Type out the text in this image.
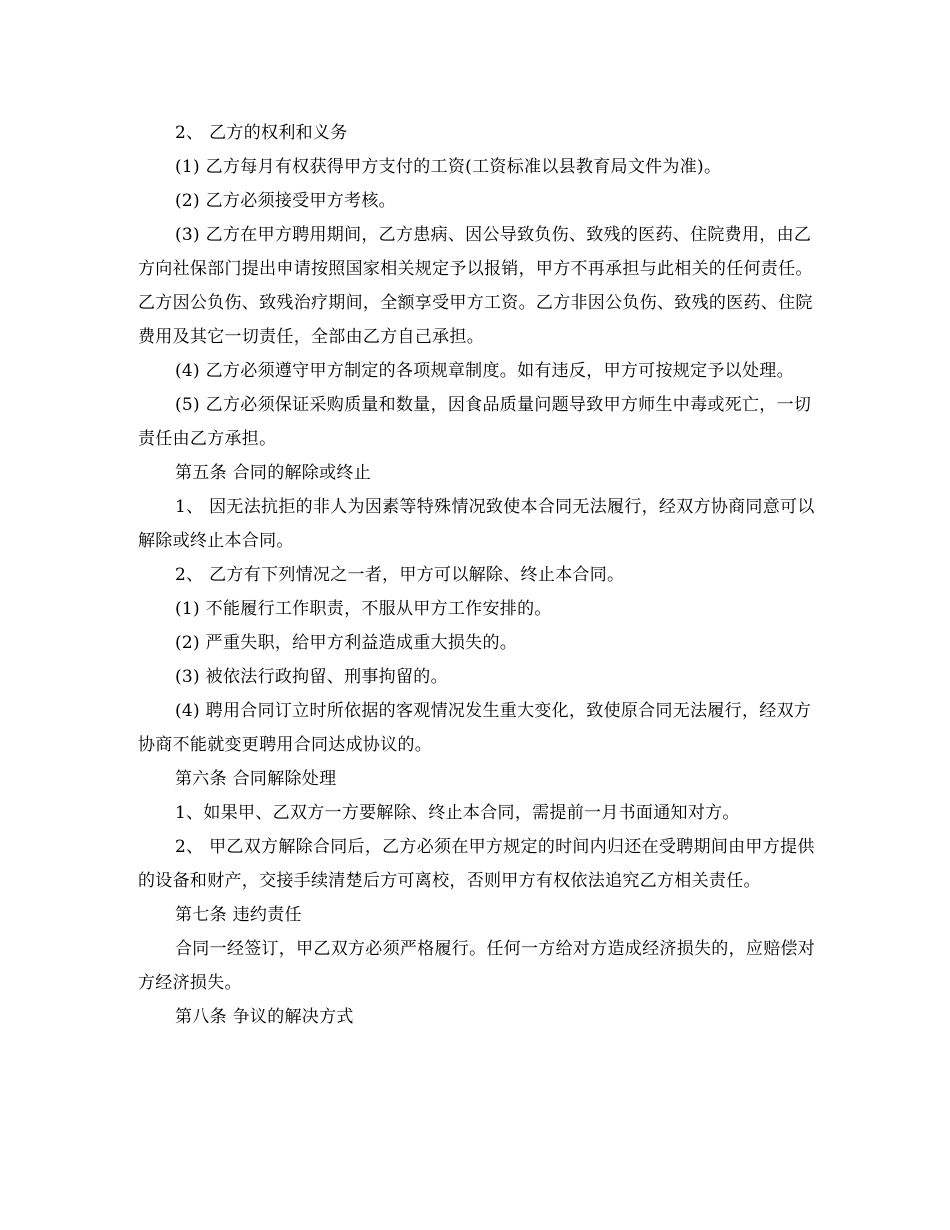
2、 乙方的权利和义务

(1) 乙方每月有权获得甲方支付的工资(工资标准以县教育局文件为准)。

(2) 乙方必须接受甲方考核。

(3) 乙方在甲方聘用期间，乙方患病、因公导致负伤、致残的医药、住院费用，由乙方向社保部门提出申请按照国家相关规定予以报销，甲方不再承担与此相关的任何责任。乙方因公负伤、致残治疗期间，全额享受甲方工资。乙方非因公负伤、致残的医药、住院费用及其它一切责任，全部由乙方自己承担。

(4) 乙方必须遵守甲方制定的各项规章制度。如有违反，甲方可按规定予以处理。

(5) 乙方必须保证采购质量和数量，因食品质量问题导致甲方师生中毒或死亡，一切责任由乙方承担。

第五条 合同的解除或终止

1、 因无法抗拒的非人为因素等特殊情况致使本合同无法履行，经双方协商同意可以解除或终止本合同。

2、 乙方有下列情况之一者，甲方可以解除、终止本合同。

(1) 不能履行工作职责，不服从甲方工作安排的。

(2) 严重失职，给甲方利益造成重大损失的。

(3) 被依法行政拘留、刑事拘留的。

(4) 聘用合同订立时所依据的客观情况发生重大变化，致使原合同无法履行，经双方协商不能就变更聘用合同达成协议的。

第六条 合同解除处理

1、如果甲、乙双方一方要解除、终止本合同，需提前一月书面通知对方。

2、 甲乙双方解除合同后，乙方必须在甲方规定的时间内归还在受聘期间由甲方提供的设备和财产，交接手续清楚后方可离校，否则甲方有权依法追究乙方相关责任。

第七条 违约责任

合同一经签订，甲乙双方必须严格履行。任何一方给对方造成经济损失的，应赔偿对方经济损失。

第八条 争议的解决方式
